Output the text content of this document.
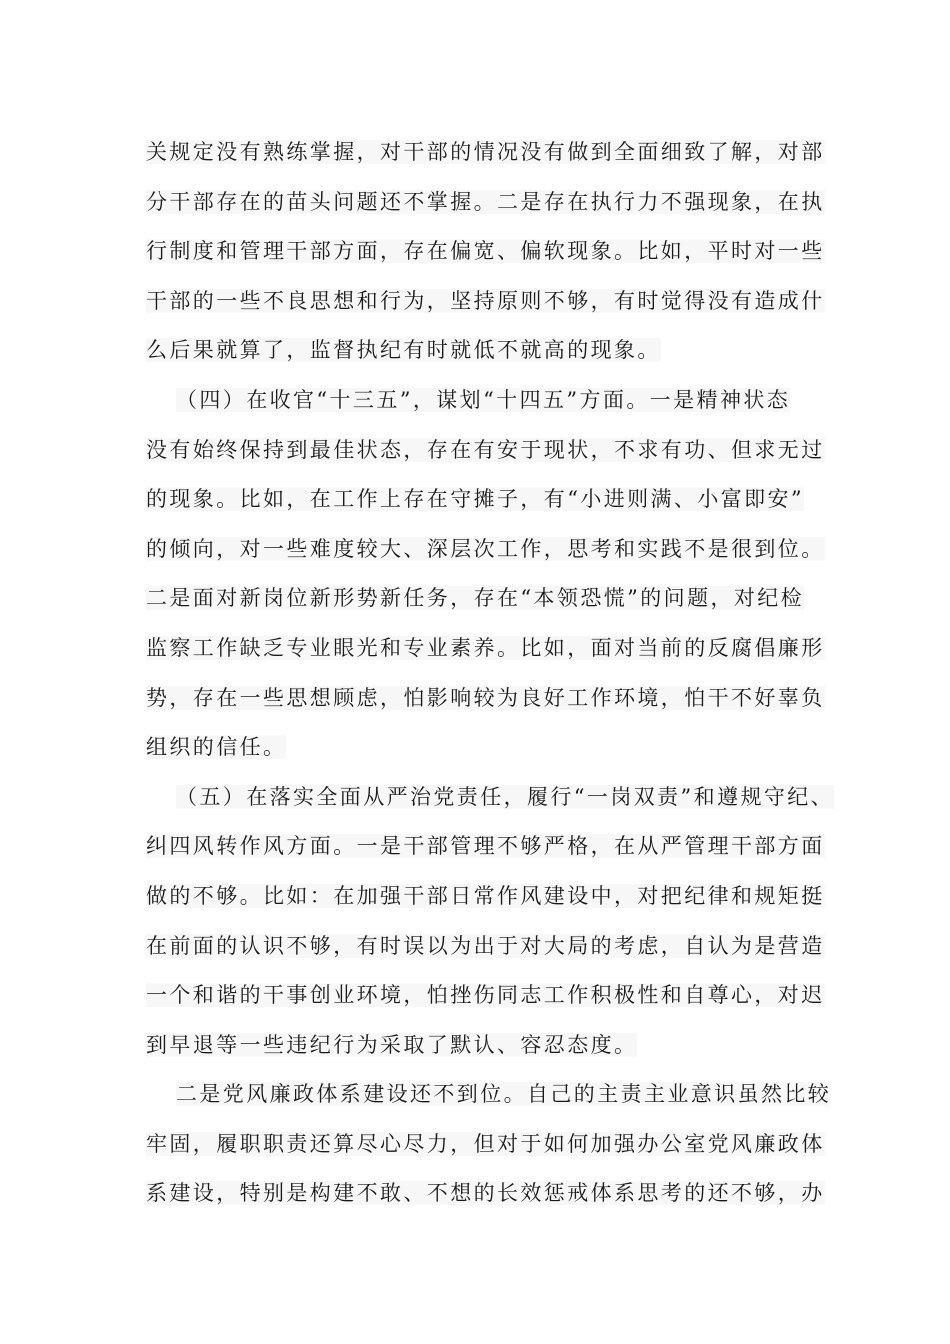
关规定没有熟练掌握，对干部的情况没有做到全面细致了解，对部
分干部存在的苗头问题还不掌握。二是存在执行力不强现象，在执
行制度和管理干部方面，存在偏宽、偏软现象。比如，平时对一些
干部的一些不良思想和行为，坚持原则不够，有时觉得没有造成什
么后果就算了，监督执纪有时就低不就高的现象。
（四）在收官“十三五”，谋划“十四五”方面。一是精神状态
没有始终保持到最佳状态，存在有安于现状，不求有功、但求无过
的现象。比如，在工作上存在守摊子，有“小进则满、小富即安”
的倾向，对一些难度较大、深层次工作，思考和实践不是很到位。
二是面对新岗位新形势新任务，存在“本领恐慌”的问题，对纪检
监察工作缺乏专业眼光和专业素养。比如，面对当前的反腐倡廉形
势，存在一些思想顾虑，怕影响较为良好工作环境，怕干不好辜负
组织的信任。
（五）在落实全面从严治党责任，履行“一岗双责”和遵规守纪、
纠四风转作风方面。一是干部管理不够严格，在从严管理干部方面
做的不够。比如：在加强干部日常作风建设中，对把纪律和规矩挺
在前面的认识不够，有时误以为出于对大局的考虑，自认为是营造
一个和谐的干事创业环境，怕挫伤同志工作积极性和自尊心，对迟
到早退等一些违纪行为采取了默认、容忍态度。
二是党风廉政体系建设还不到位。自己的主责主业意识虽然比较
牢固，履职职责还算尽心尽力，但对于如何加强办公室党风廉政体
系建设，特别是构建不敢、不想的长效惩戒体系思考的还不够，办
